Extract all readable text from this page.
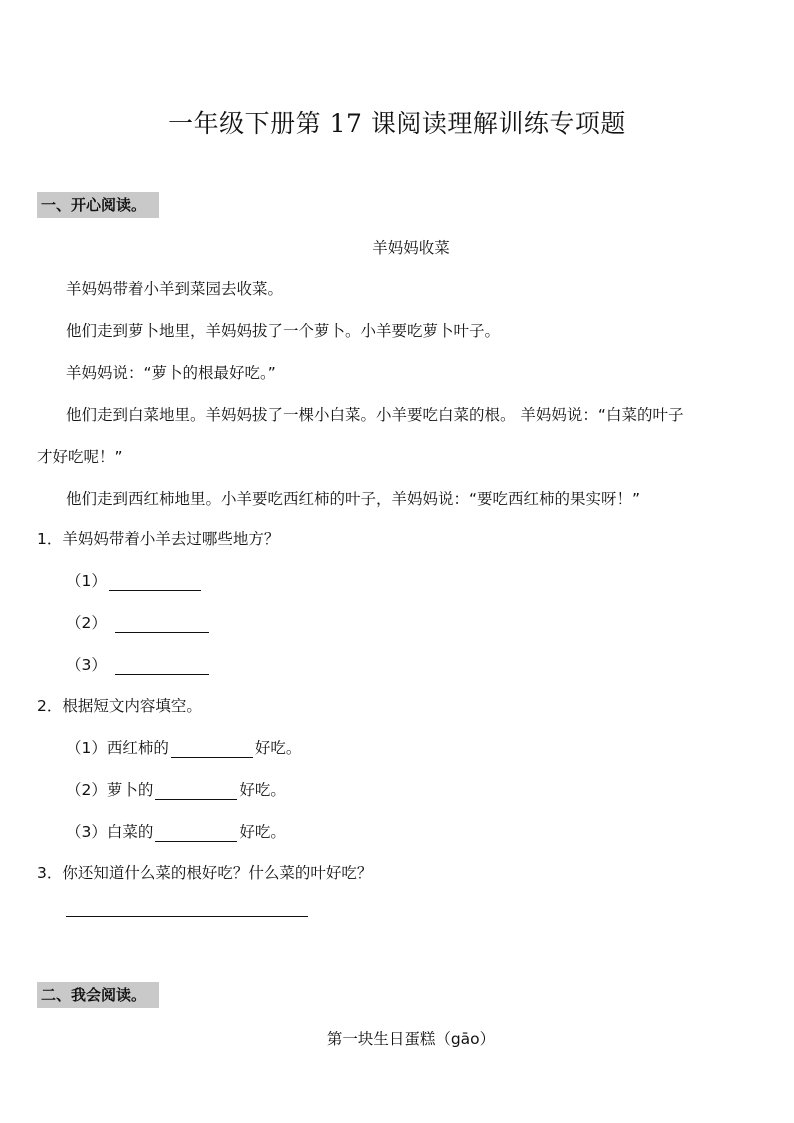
一年级下册第 17 课阅读理解训练专项题
一、开心阅读。
羊妈妈收菜
羊妈妈带着小羊到菜园去收菜。
他们走到萝卜地里，羊妈妈拔了一个萝卜。小羊要吃萝卜叶子。
羊妈妈说：“萝卜的根最好吃。”
他们走到白菜地里。羊妈妈拔了一棵小白菜。小羊要吃白菜的根。 羊妈妈说：“白菜的叶子
才好吃呢！”
他们走到西红柿地里。小羊要吃西红柿的叶子，羊妈妈说：“要吃西红柿的果实呀！”
1．羊妈妈带着小羊去过哪些地方？
（1）
（2）
（3）
2．根据短文内容填空。
（1）西红柿的	好吃。
（2）萝卜的	好吃。
（3）白菜的	好吃。
3．你还知道什么菜的根好吃？什么菜的叶好吃？
二、我会阅读。
第一块生日蛋糕（gāo）
